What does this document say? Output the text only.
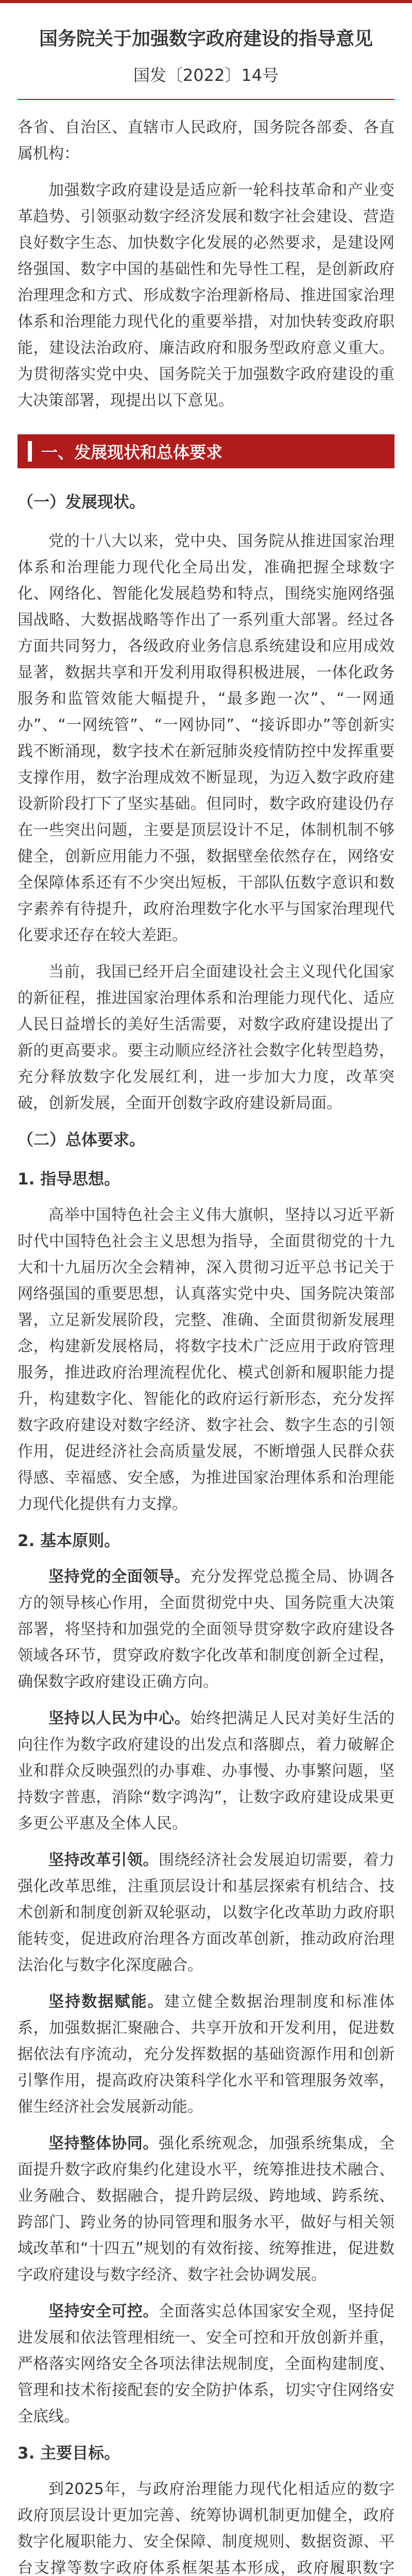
国务院关于加强数字政府建设的指导意见
国发〔2022〕14号

各省、自治区、直辖市人民政府，国务院各部委、各直属机构：

加强数字政府建设是适应新一轮科技革命和产业变革趋势、引领驱动数字经济发展和数字社会建设、营造良好数字生态、加快数字化发展的必然要求，是建设网络强国、数字中国的基础性和先导性工程，是创新政府治理理念和方式、形成数字治理新格局、推进国家治理体系和治理能力现代化的重要举措，对加快转变政府职能，建设法治政府、廉洁政府和服务型政府意义重大。为贯彻落实党中央、国务院关于加强数字政府建设的重大决策部署，现提出以下意见。

一、发展现状和总体要求
（一）发展现状。

党的十八大以来，党中央、国务院从推进国家治理体系和治理能力现代化全局出发，准确把握全球数字化、网络化、智能化发展趋势和特点，围绕实施网络强国战略、大数据战略等作出了一系列重大部署。经过各方面共同努力，各级政府业务信息系统建设和应用成效显著，数据共享和开发利用取得积极进展，一体化政务服务和监管效能大幅提升，“最多跑一次”、“一网通办”、“一网统管”、“一网协同”、“接诉即办”等创新实践不断涌现，数字技术在新冠肺炎疫情防控中发挥重要支撑作用，数字治理成效不断显现，为迈入数字政府建设新阶段打下了坚实基础。但同时，数字政府建设仍存在一些突出问题，主要是顶层设计不足，体制机制不够健全，创新应用能力不强，数据壁垒依然存在，网络安全保障体系还有不少突出短板，干部队伍数字意识和数字素养有待提升，政府治理数字化水平与国家治理现代化要求还存在较大差距。

当前，我国已经开启全面建设社会主义现代化国家的新征程，推进国家治理体系和治理能力现代化、适应人民日益增长的美好生活需要，对数字政府建设提出了新的更高要求。要主动顺应经济社会数字化转型趋势，充分释放数字化发展红利，进一步加大力度，改革突破，创新发展，全面开创数字政府建设新局面。

（二）总体要求。
1. 指导思想。

高举中国特色社会主义伟大旗帜，坚持以习近平新时代中国特色社会主义思想为指导，全面贯彻党的十九大和十九届历次全会精神，深入贯彻习近平总书记关于网络强国的重要思想，认真落实党中央、国务院决策部署，立足新发展阶段，完整、准确、全面贯彻新发展理念，构建新发展格局，将数字技术广泛应用于政府管理服务，推进政府治理流程优化、模式创新和履职能力提升，构建数字化、智能化的政府运行新形态，充分发挥数字政府建设对数字经济、数字社会、数字生态的引领作用，促进经济社会高质量发展，不断增强人民群众获得感、幸福感、安全感，为推进国家治理体系和治理能力现代化提供有力支撑。

2. 基本原则。

坚持党的全面领导。充分发挥党总揽全局、协调各方的领导核心作用，全面贯彻党中央、国务院重大决策部署，将坚持和加强党的全面领导贯穿数字政府建设各领域各环节，贯穿政府数字化改革和制度创新全过程，确保数字政府建设正确方向。

坚持以人民为中心。始终把满足人民对美好生活的向往作为数字政府建设的出发点和落脚点，着力破解企业和群众反映强烈的办事难、办事慢、办事繁问题，坚持数字普惠，消除“数字鸿沟”，让数字政府建设成果更多更公平惠及全体人民。

坚持改革引领。围绕经济社会发展迫切需要，着力强化改革思维，注重顶层设计和基层探索有机结合、技术创新和制度创新双轮驱动，以数字化改革助力政府职能转变，促进政府治理各方面改革创新，推动政府治理法治化与数字化深度融合。

坚持数据赋能。建立健全数据治理制度和标准体系，加强数据汇聚融合、共享开放和开发利用，促进数据依法有序流动，充分发挥数据的基础资源作用和创新引擎作用，提高政府决策科学化水平和管理服务效率，催生经济社会发展新动能。

坚持整体协同。强化系统观念，加强系统集成，全面提升数字政府集约化建设水平，统筹推进技术融合、业务融合、数据融合，提升跨层级、跨地域、跨系统、跨部门、跨业务的协同管理和服务水平，做好与相关领域改革和“十四五”规划的有效衔接、统筹推进，促进数字政府建设与数字经济、数字社会协调发展。

坚持安全可控。全面落实总体国家安全观，坚持促进发展和依法管理相统一、安全可控和开放创新并重，严格落实网络安全各项法律法规制度，全面构建制度、管理和技术衔接配套的安全防护体系，切实守住网络安全底线。

3. 主要目标。

到2025年，与政府治理能力现代化相适应的数字政府顶层设计更加完善、统筹协调机制更加健全，政府数字化履职能力、安全保障、制度规则、数据资源、平台支撑等数字政府体系框架基本形成，政府履职数字
